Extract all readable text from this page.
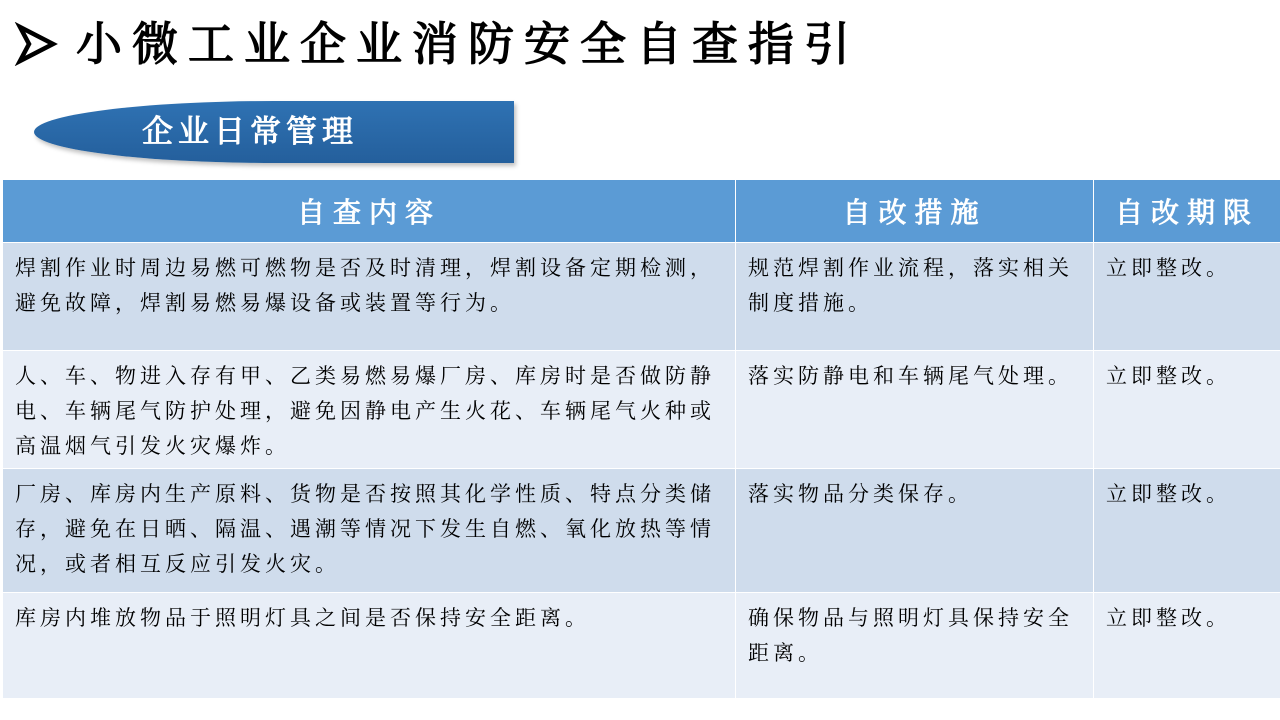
小微工业企业消防安全自查指引
企业日常管理
自查内容	自改措施	自改期限
焊割作业时周边易燃可燃物是否及时清理，焊割设备定期检测，避免故障，焊割易燃易爆设备或装置等行为。	规范焊割作业流程，落实相关制度措施。	立即整改。
人、车、物进入存有甲、乙类易燃易爆厂房、库房时是否做防静电、车辆尾气防护处理，避免因静电产生火花、车辆尾气火种或高温烟气引发火灾爆炸。	落实防静电和车辆尾气处理。	立即整改。
厂房、库房内生产原料、货物是否按照其化学性质、特点分类储存，避免在日晒、隔温、遇潮等情况下发生自燃、氧化放热等情况，或者相互反应引发火灾。	落实物品分类保存。	立即整改。
库房内堆放物品于照明灯具之间是否保持安全距离。	确保物品与照明灯具保持安全距离。	立即整改。
